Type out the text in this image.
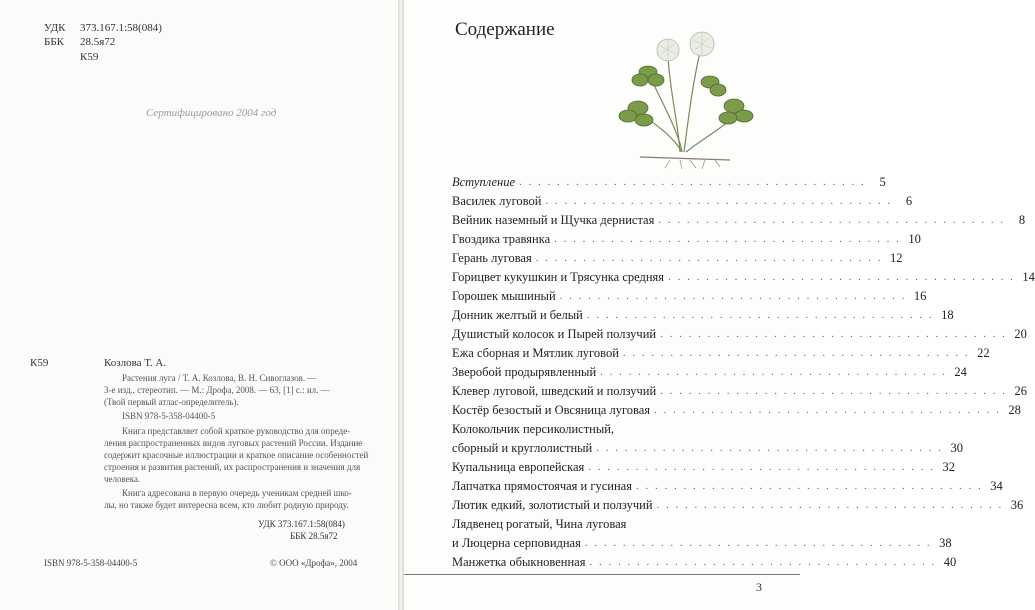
УДК 373.167.1:58(084)
ББК 28.5я72
К59
Сертифицировано 2004 год
К59	Козлова Т. А.
Растения луга / Т. А. Козлова, В. Н. Сивоглазов. —
3-е изд., стереотип. — М.: Дрофа, 2008. — 63, [1] с.: ил. —
(Твой первый атлас-определитель).
ISBN 978-5-358-04400-5
Книга представляет собой краткое руководство для опреде-
ления распространенных видов луговых растений России. Издание
содержит красочные иллюстрации и краткое описание особенностей
строения и развития растений, их распространения и значения для
человека.
Книга адресована в первую очередь ученикам средней шко-
лы, но также будет интересна всем, кто любит родную природу.
УДК 373.167.1:58(084)
ББК 28.5я72
ISBN 978-5-358-04400-5	© ООО «Дрофа», 2004
Содержание
Вступление . . . . . . . . . . . . . . . . . . . . . . . . . . . . . . . . . . . . .	5
Василек луговой . . . . . . . . . . . . . . . . . . . . . . . . . . . . . . . . . . . . .	6
Вейник наземный и Щучка дернистая . . . . . . . . . . . . . . . . . . . . . . . . . . . . . . . . . . . . .	8
Гвоздика травянка . . . . . . . . . . . . . . . . . . . . . . . . . . . . . . . . . . . . . 10
Герань луговая . . . . . . . . . . . . . . . . . . . . . . . . . . . . . . . . . . . . . 12
Горицвет кукушкин и Трясунка средняя . . . . . . . . . . . . . . . . . . . . . . . . . . . . . . . . . . . . . 14
Горошек мышиный . . . . . . . . . . . . . . . . . . . . . . . . . . . . . . . . . . . . . 16
Донник желтый и белый . . . . . . . . . . . . . . . . . . . . . . . . . . . . . . . . . . . . . 18
Душистый колосок и Пырей ползучий . . . . . . . . . . . . . . . . . . . . . . . . . . . . . . . . . . . . . 20
Ежа сборная и Мятлик луговой . . . . . . . . . . . . . . . . . . . . . . . . . . . . . . . . . . . . . 22
Зверобой продырявленный . . . . . . . . . . . . . . . . . . . . . . . . . . . . . . . . . . . . . 24
Клевер луговой, шведский и ползучий . . . . . . . . . . . . . . . . . . . . . . . . . . . . . . . . . . . . . 26
Костёр безостый и Овсяница луговая . . . . . . . . . . . . . . . . . . . . . . . . . . . . . . . . . . . . . 28
Колокольчик персиколистный,
сборный и круглолистный . . . . . . . . . . . . . . . . . . . . . . . . . . . . . . . . . . . . . 30
Купальница европейская . . . . . . . . . . . . . . . . . . . . . . . . . . . . . . . . . . . . . 32
Лапчатка прямостоячая и гусиная . . . . . . . . . . . . . . . . . . . . . . . . . . . . . . . . . . . . . 34
Лютик едкий, золотистый и ползучий . . . . . . . . . . . . . . . . . . . . . . . . . . . . . . . . . . . . . 36
Лядвенец рогатый, Чина луговая
и Люцерна серповидная . . . . . . . . . . . . . . . . . . . . . . . . . . . . . . . . . . . . . 38
Манжетка обыкновенная . . . . . . . . . . . . . . . . . . . . . . . . . . . . . . . . . . . . . 40
3
